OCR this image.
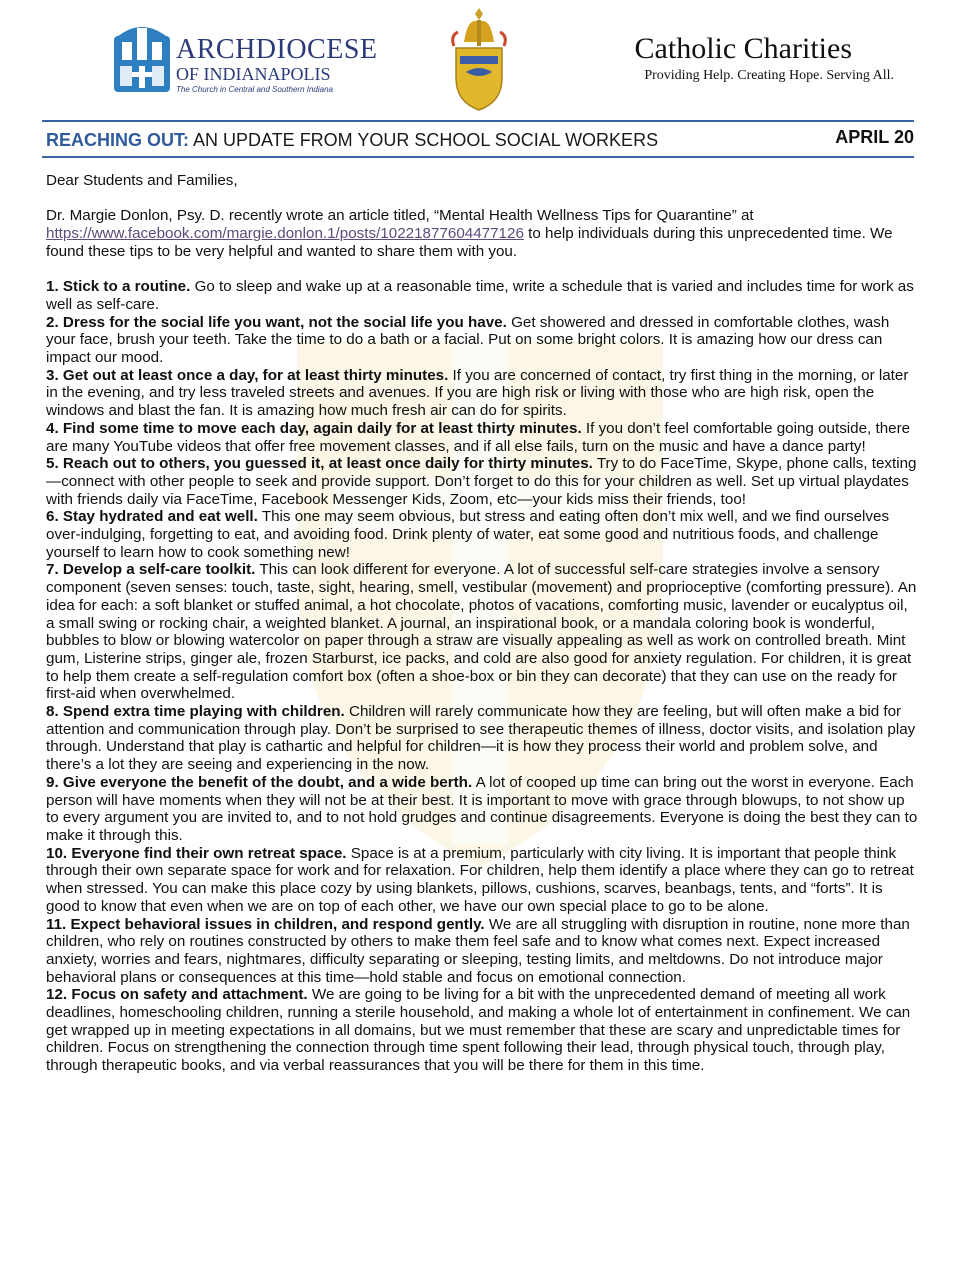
ARCHDIOCESE
OF INDIANAPOLIS
The Church in Central and Southern Indiana
Catholic Charities
Providing Help. Creating Hope. Serving All.
REACHING OUT: AN UPDATE FROM YOUR SCHOOL SOCIAL WORKERS	APRIL 20

Dear Students and Families,

Dr. Margie Donlon, Psy. D. recently wrote an article titled, “Mental Health Wellness Tips for Quarantine” at
https://www.facebook.com/margie.donlon.1/posts/10221877604477126 to help individuals during this unprecedented time. We found these tips to be very helpful and wanted to share them with you.

1. Stick to a routine. Go to sleep and wake up at a reasonable time, write a schedule that is varied and includes time for work as well as self-care.

2. Dress for the social life you want, not the social life you have. Get showered and dressed in comfortable clothes, wash your face, brush your teeth. Take the time to do a bath or a facial. Put on some bright colors. It is amazing how our dress can impact our mood.

3. Get out at least once a day, for at least thirty minutes. If you are concerned of contact, try first thing in the morning, or later in the evening, and try less traveled streets and avenues. If you are high risk or living with those who are high risk, open the windows and blast the fan. It is amazing how much fresh air can do for spirits.

4. Find some time to move each day, again daily for at least thirty minutes. If you don’t feel comfortable going outside, there are many YouTube videos that offer free movement classes, and if all else fails, turn on the music and have a dance party!

5. Reach out to others, you guessed it, at least once daily for thirty minutes. Try to do FaceTime, Skype, phone calls, texting—connect with other people to seek and provide support. Don’t forget to do this for your children as well. Set up virtual playdates with friends daily via FaceTime, Facebook Messenger Kids, Zoom, etc—your kids miss their friends, too!

6. Stay hydrated and eat well. This one may seem obvious, but stress and eating often don’t mix well, and we find ourselves over-indulging, forgetting to eat, and avoiding food. Drink plenty of water, eat some good and nutritious foods, and challenge yourself to learn how to cook something new!

7. Develop a self-care toolkit. This can look different for everyone. A lot of successful self-care strategies involve a sensory component (seven senses: touch, taste, sight, hearing, smell, vestibular (movement) and proprioceptive (comforting pressure). An idea for each: a soft blanket or stuffed animal, a hot chocolate, photos of vacations, comforting music, lavender or eucalyptus oil, a small swing or rocking chair, a weighted blanket. A journal, an inspirational book, or a mandala coloring book is wonderful, bubbles to blow or blowing watercolor on paper through a straw are visually appealing as well as work on controlled breath. Mint gum, Listerine strips, ginger ale, frozen Starburst, ice packs, and cold are also good for anxiety regulation. For children, it is great to help them create a self-regulation comfort box (often a shoe-box or bin they can decorate) that they can use on the ready for first-aid when overwhelmed.

8. Spend extra time playing with children. Children will rarely communicate how they are feeling, but will often make a bid for attention and communication through play. Don’t be surprised to see therapeutic themes of illness, doctor visits, and isolation play through. Understand that play is cathartic and helpful for children—it is how they process their world and problem solve, and there’s a lot they are seeing and experiencing in the now.

9. Give everyone the benefit of the doubt, and a wide berth. A lot of cooped up time can bring out the worst in everyone. Each person will have moments when they will not be at their best. It is important to move with grace through blowups, to not show up to every argument you are invited to, and to not hold grudges and continue disagreements. Everyone is doing the best they can to make it through this.

10. Everyone find their own retreat space. Space is at a premium, particularly with city living. It is important that people think through their own separate space for work and for relaxation. For children, help them identify a place where they can go to retreat when stressed. You can make this place cozy by using blankets, pillows, cushions, scarves, beanbags, tents, and “forts”. It is good to know that even when we are on top of each other, we have our own special place to go to be alone.

11. Expect behavioral issues in children, and respond gently. We are all struggling with disruption in routine, none more than children, who rely on routines constructed by others to make them feel safe and to know what comes next. Expect increased anxiety, worries and fears, nightmares, difficulty separating or sleeping, testing limits, and meltdowns. Do not introduce major behavioral plans or consequences at this time—hold stable and focus on emotional connection.

12. Focus on safety and attachment. We are going to be living for a bit with the unprecedented demand of meeting all work deadlines, homeschooling children, running a sterile household, and making a whole lot of entertainment in confinement. We can get wrapped up in meeting expectations in all domains, but we must remember that these are scary and unpredictable times for children. Focus on strengthening the connection through time spent following their lead, through physical touch, through play, through therapeutic books, and via verbal reassurances that you will be there for them in this time.
